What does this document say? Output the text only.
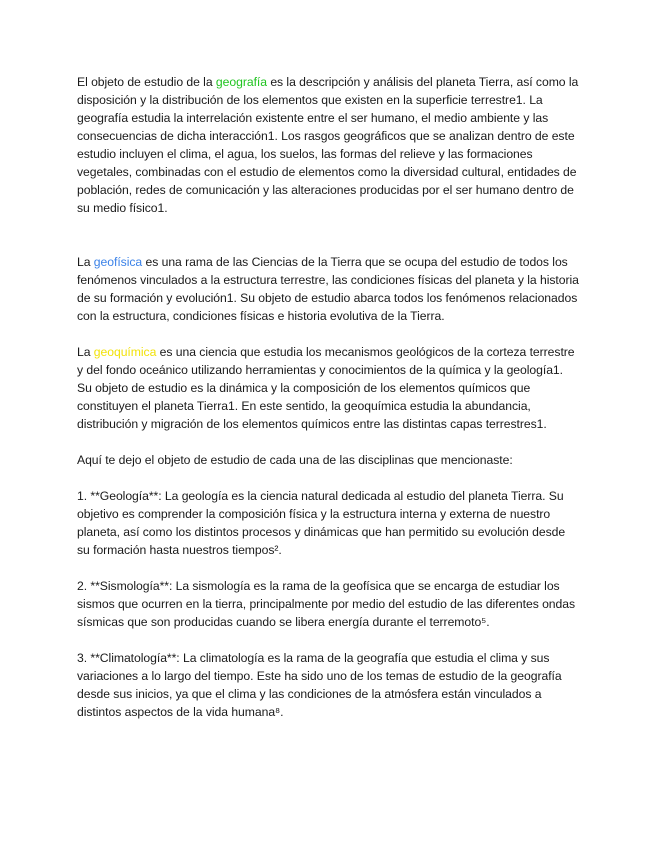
El objeto de estudio de la geografía es la descripción y análisis del planeta Tierra, así como la disposición y la distribución de los elementos que existen en la superficie terrestre1. La geografía estudia la interrelación existente entre el ser humano, el medio ambiente y las consecuencias de dicha interacción1. Los rasgos geográficos que se analizan dentro de este estudio incluyen el clima, el agua, los suelos, las formas del relieve y las formaciones vegetales, combinadas con el estudio de elementos como la diversidad cultural, entidades de población, redes de comunicación y las alteraciones producidas por el ser humano dentro de su medio físico1.

La geofísica es una rama de las Ciencias de la Tierra que se ocupa del estudio de todos los fenómenos vinculados a la estructura terrestre, las condiciones físicas del planeta y la historia de su formación y evolución1. Su objeto de estudio abarca todos los fenómenos relacionados con la estructura, condiciones físicas e historia evolutiva de la Tierra.

La geoquímica es una ciencia que estudia los mecanismos geológicos de la corteza terrestre y del fondo oceánico utilizando herramientas y conocimientos de la química y la geología1. Su objeto de estudio es la dinámica y la composición de los elementos químicos que constituyen el planeta Tierra1. En este sentido, la geoquímica estudia la abundancia, distribución y migración de los elementos químicos entre las distintas capas terrestres1.

Aquí te dejo el objeto de estudio de cada una de las disciplinas que mencionaste:

1. **Geología**: La geología es la ciencia natural dedicada al estudio del planeta Tierra. Su objetivo es comprender la composición física y la estructura interna y externa de nuestro planeta, así como los distintos procesos y dinámicas que han permitido su evolución desde su formación hasta nuestros tiempos².

2. **Sismología**: La sismología es la rama de la geofísica que se encarga de estudiar los sismos que ocurren en la tierra, principalmente por medio del estudio de las diferentes ondas sísmicas que son producidas cuando se libera energía durante el terremoto⁵.

3. **Climatología**: La climatología es la rama de la geografía que estudia el clima y sus variaciones a lo largo del tiempo. Este ha sido uno de los temas de estudio de la geografía desde sus inicios, ya que el clima y las condiciones de la atmósfera están vinculados a distintos aspectos de la vida humana⁸.
